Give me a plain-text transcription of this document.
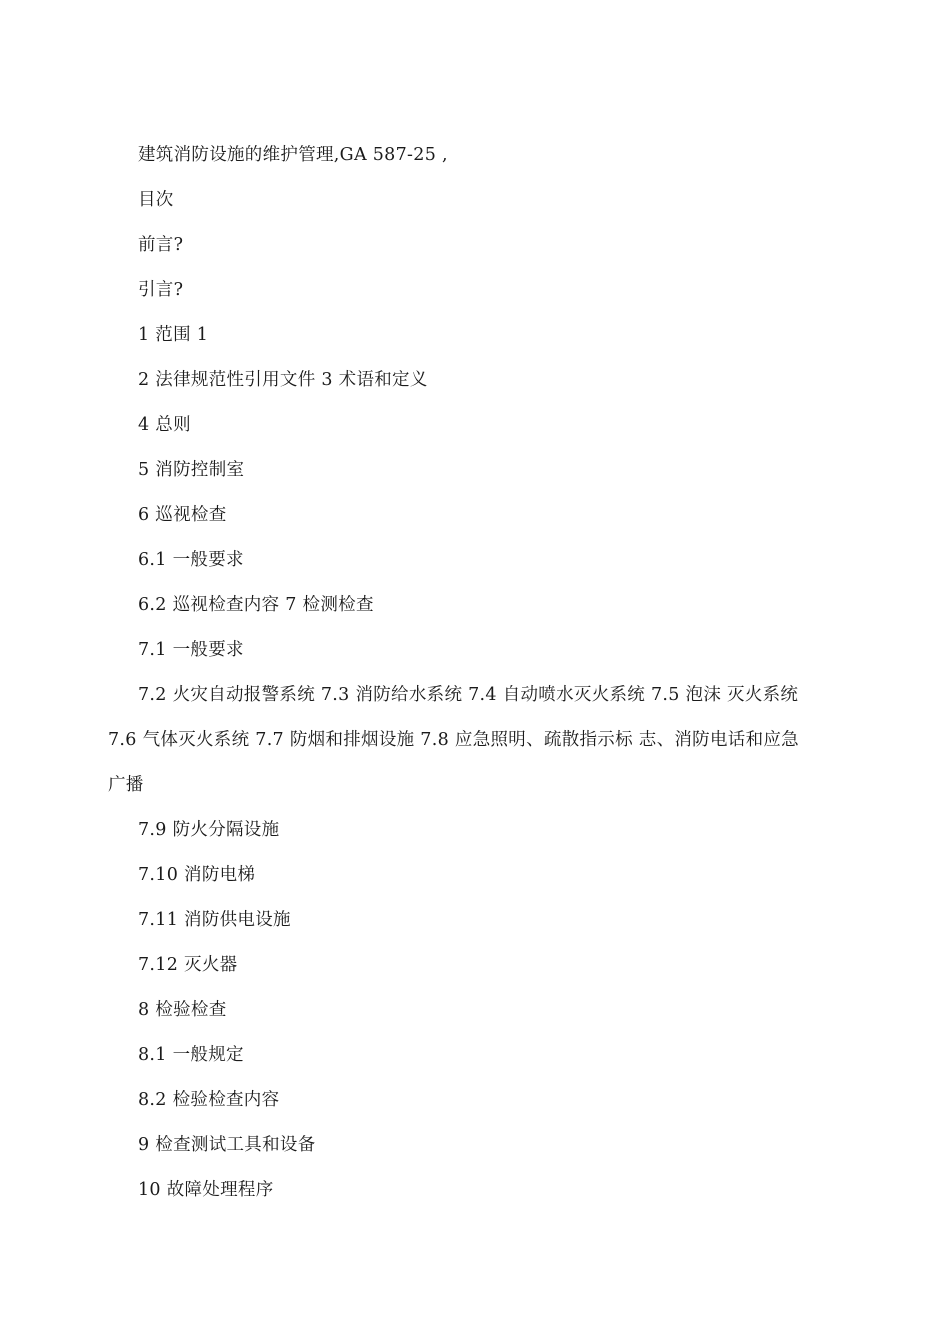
建筑消防设施的维护管理,GA 587-25 ,
目次
前言?
引言?
1 范围 1
2 法律规范性引用文件 3 术语和定义
4 总则
5 消防控制室
6 巡视检查
6.1 一般要求
6.2 巡视检查内容 7 检测检查
7.1 一般要求
7.2 火灾自动报警系统 7.3 消防给水系统 7.4 自动喷水灭火系统 7.5 泡沫 灭火系统
7.6 气体灭火系统 7.7 防烟和排烟设施 7.8 应急照明、疏散指示标 志、消防电话和应急
广播
7.9 防火分隔设施
7.10 消防电梯
7.11 消防供电设施
7.12 灭火器
8 检验检查
8.1 一般规定
8.2 检验检查内容
9 检查测试工具和设备
10 故障处理程序
